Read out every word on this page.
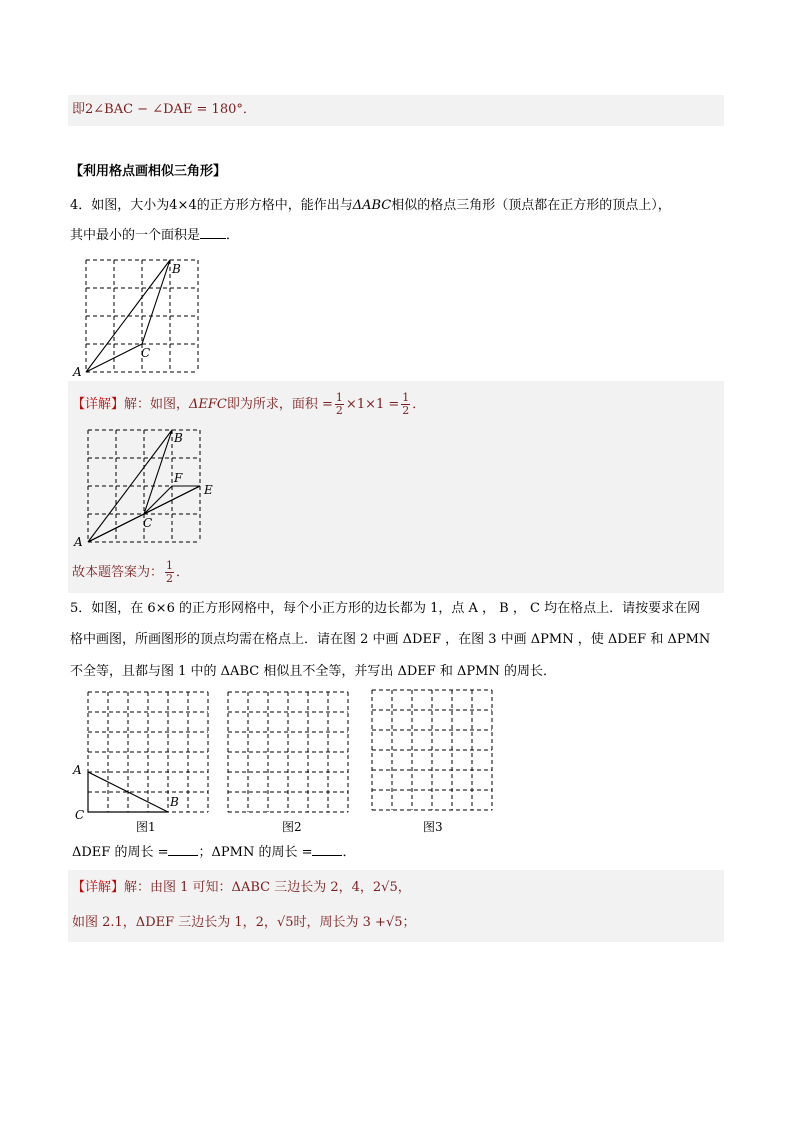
即2∠BAC − ∠DAE = 180°．
【利用格点画相似三角形】
4．如图，大小为4×4的正方形方格中，能作出与ΔABC相似的格点三角形（顶点都在正方形的顶点上），
其中最小的一个面积是 ．
A
B
C
【详解】解：如图，ΔEFC即为所求，面积 = $\frac{1}{2} \times 1\times 1 = \frac{1}{2}$ ．
A
B
C
E
F
故本题答案为： $\frac{1}{2}$ ．
5．如图，在 6×6 的正方形网格中，每个小正方形的边长都为 1，点 A ， B ， C 均在格点上．请按要求在网
格中画图，所画图形的顶点均需在格点上．请在图 2 中画 ΔDEF ，在图 3 中画 ΔPMN ，使 ΔDEF 和 ΔPMN
不全等，且都与图 1 中的 ΔABC 相似且不全等，并写出 ΔDEF 和 ΔPMN 的周长．
A
B
C
图1	图2	图3
ΔDEF 的周长 = ；ΔPMN 的周长 = ．
【详解】解：由图 1 可知：ΔABC 三边长为 2，4，2√5，
如图 2.1，ΔDEF 三边长为 1，2，√5时，周长为 3 +√5；
